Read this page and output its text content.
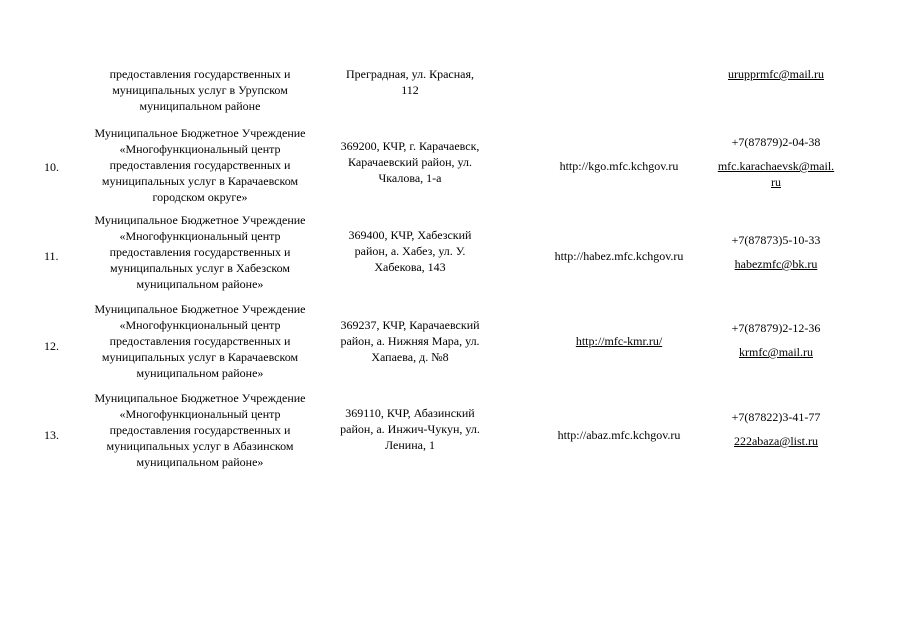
предоставления государственных и
муниципальных услуг в Урупском
муниципальном районе
Преградная, ул. Красная,
112
urupprmfc@mail.ru
10.
Муниципальное Бюджетное Учреждение
«Многофункциональный центр
предоставления государственных и
муниципальных услуг в Карачаевском
городском округе»
369200, КЧР, г. Карачаевск,
Карачаевский район, ул.
Чкалова, 1-а
http://kgo.mfc.kchgov.ru
+7(87879)2-04-38
mfc.karachaevsk@mail.
ru
11.
Муниципальное Бюджетное Учреждение
«Многофункциональный центр
предоставления государственных и
муниципальных услуг в Хабезском
муниципальном районе»
369400, КЧР, Хабезский
район, а. Хабез, ул. У.
Хабекова, 143
http://habez.mfc.kchgov.ru
+7(87873)5-10-33
habezmfc@bk.ru
12.
Муниципальное Бюджетное Учреждение
«Многофункциональный центр
предоставления государственных и
муниципальных услуг в Карачаевском
муниципальном районе»
369237, КЧР, Карачаевский
район, а. Нижняя Мара, ул.
Хапаева, д. №8
http://mfc-kmr.ru/
+7(87879)2-12-36
krmfc@mail.ru
13.
Муниципальное Бюджетное Учреждение
«Многофункциональный центр
предоставления государственных и
муниципальных услуг в Абазинском
муниципальном районе»
369110, КЧР, Абазинский
район, а. Инжич-Чукун, ул.
Ленина, 1
http://abaz.mfc.kchgov.ru
+7(87822)3-41-77
222abaza@list.ru
